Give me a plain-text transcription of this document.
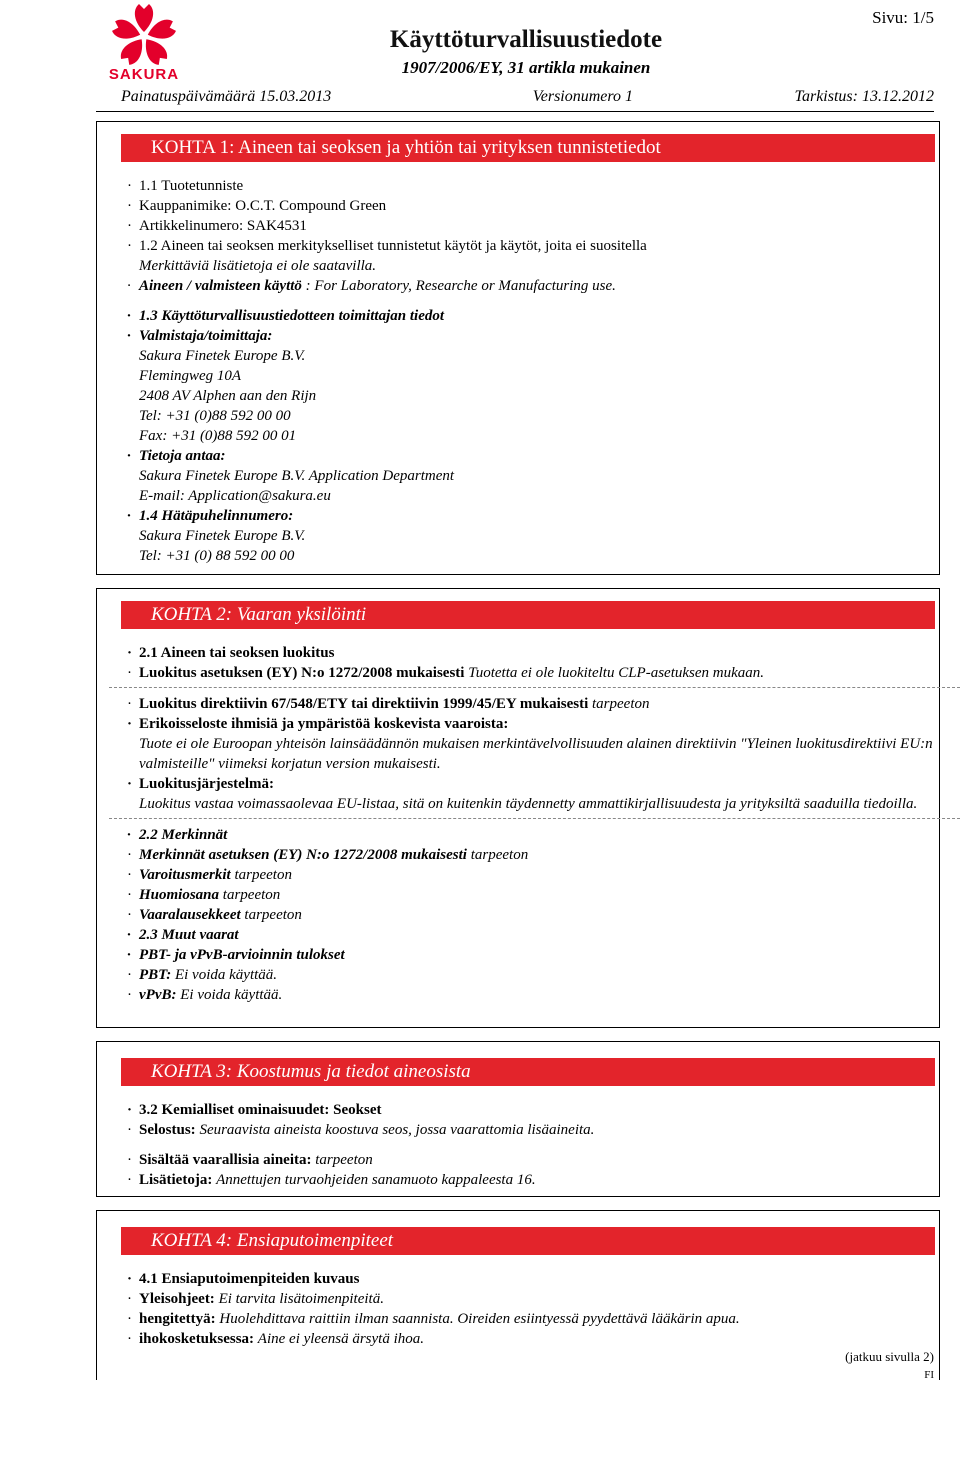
SAKURA
Käyttöturvallisuustiedote
1907/2006/EY, 31 artikla mukainen
Sivu: 1/5
Painatuspäivämäärä 15.03.2013	Versionumero 1	Tarkistus: 13.12.2012
KOHTA 1: Aineen tai seoksen ja yhtiön tai yrityksen tunnistetiedot
· 1.1 Tuotetunniste
· Kauppanimike: O.C.T. Compound Green
· Artikkelinumero: SAK4531
· 1.2 Aineen tai seoksen merkitykselliset tunnistetut käytöt ja käytöt, joita ei suositella
Merkittäviä lisätietoja ei ole saatavilla.
· Aineen / valmisteen käyttö : For Laboratory, Researche or Manufacturing use.
· 1.3 Käyttöturvallisuustiedotteen toimittajan tiedot
· Valmistaja/toimittaja:
Sakura Finetek Europe B.V.
Flemingweg 10A
2408 AV Alphen aan den Rijn
Tel: +31 (0)88 592 00 00
Fax: +31 (0)88 592 00 01
· Tietoja antaa:
Sakura Finetek Europe B.V. Application Department
E-mail: Application@sakura.eu
· 1.4 Hätäpuhelinnumero:
Sakura Finetek Europe B.V.
Tel: +31 (0) 88 592 00 00
KOHTA 2: Vaaran yksilöinti
· 2.1 Aineen tai seoksen luokitus
· Luokitus asetuksen (EY) N:o 1272/2008 mukaisesti Tuotetta ei ole luokiteltu CLP-asetuksen mukaan.
· Luokitus direktiivin 67/548/ETY tai direktiivin 1999/45/EY mukaisesti tarpeeton
· Erikoisseloste ihmisiä ja ympäristöä koskevista vaaroista:
Tuote ei ole Euroopan yhteisön lainsäädännön mukaisen merkintävelvollisuuden alainen direktiivin "Yleinen luokitusdirektiivi EU:n valmisteille" viimeksi korjatun version mukaisesti.
· Luokitusjärjestelmä:
Luokitus vastaa voimassaolevaa EU-listaa, sitä on kuitenkin täydennetty ammattikirjallisuudesta ja yrityksiltä saaduilla tiedoilla.
· 2.2 Merkinnät
· Merkinnät asetuksen (EY) N:o 1272/2008 mukaisesti tarpeeton
· Varoitusmerkit tarpeeton
· Huomiosana tarpeeton
· Vaaralausekkeet tarpeeton
· 2.3 Muut vaarat
· PBT- ja vPvB-arvioinnin tulokset
· PBT: Ei voida käyttää.
· vPvB: Ei voida käyttää.
KOHTA 3: Koostumus ja tiedot aineosista
· 3.2 Kemialliset ominaisuudet: Seokset
· Selostus: Seuraavista aineista koostuva seos, jossa vaarattomia lisäaineita.
· Sisältää vaarallisia aineita: tarpeeton
· Lisätietoja: Annettujen turvaohjeiden sanamuoto kappaleesta 16.
KOHTA 4: Ensiaputoimenpiteet
· 4.1 Ensiaputoimenpiteiden kuvaus
· Yleisohjeet: Ei tarvita lisätoimenpiteitä.
· hengitettyä: Huolehdittava raittiin ilman saannista. Oireiden esiintyessä pyydettävä lääkärin apua.
· ihokosketuksessa: Aine ei yleensä ärsytä ihoa.
(jatkuu sivulla 2)
FI
